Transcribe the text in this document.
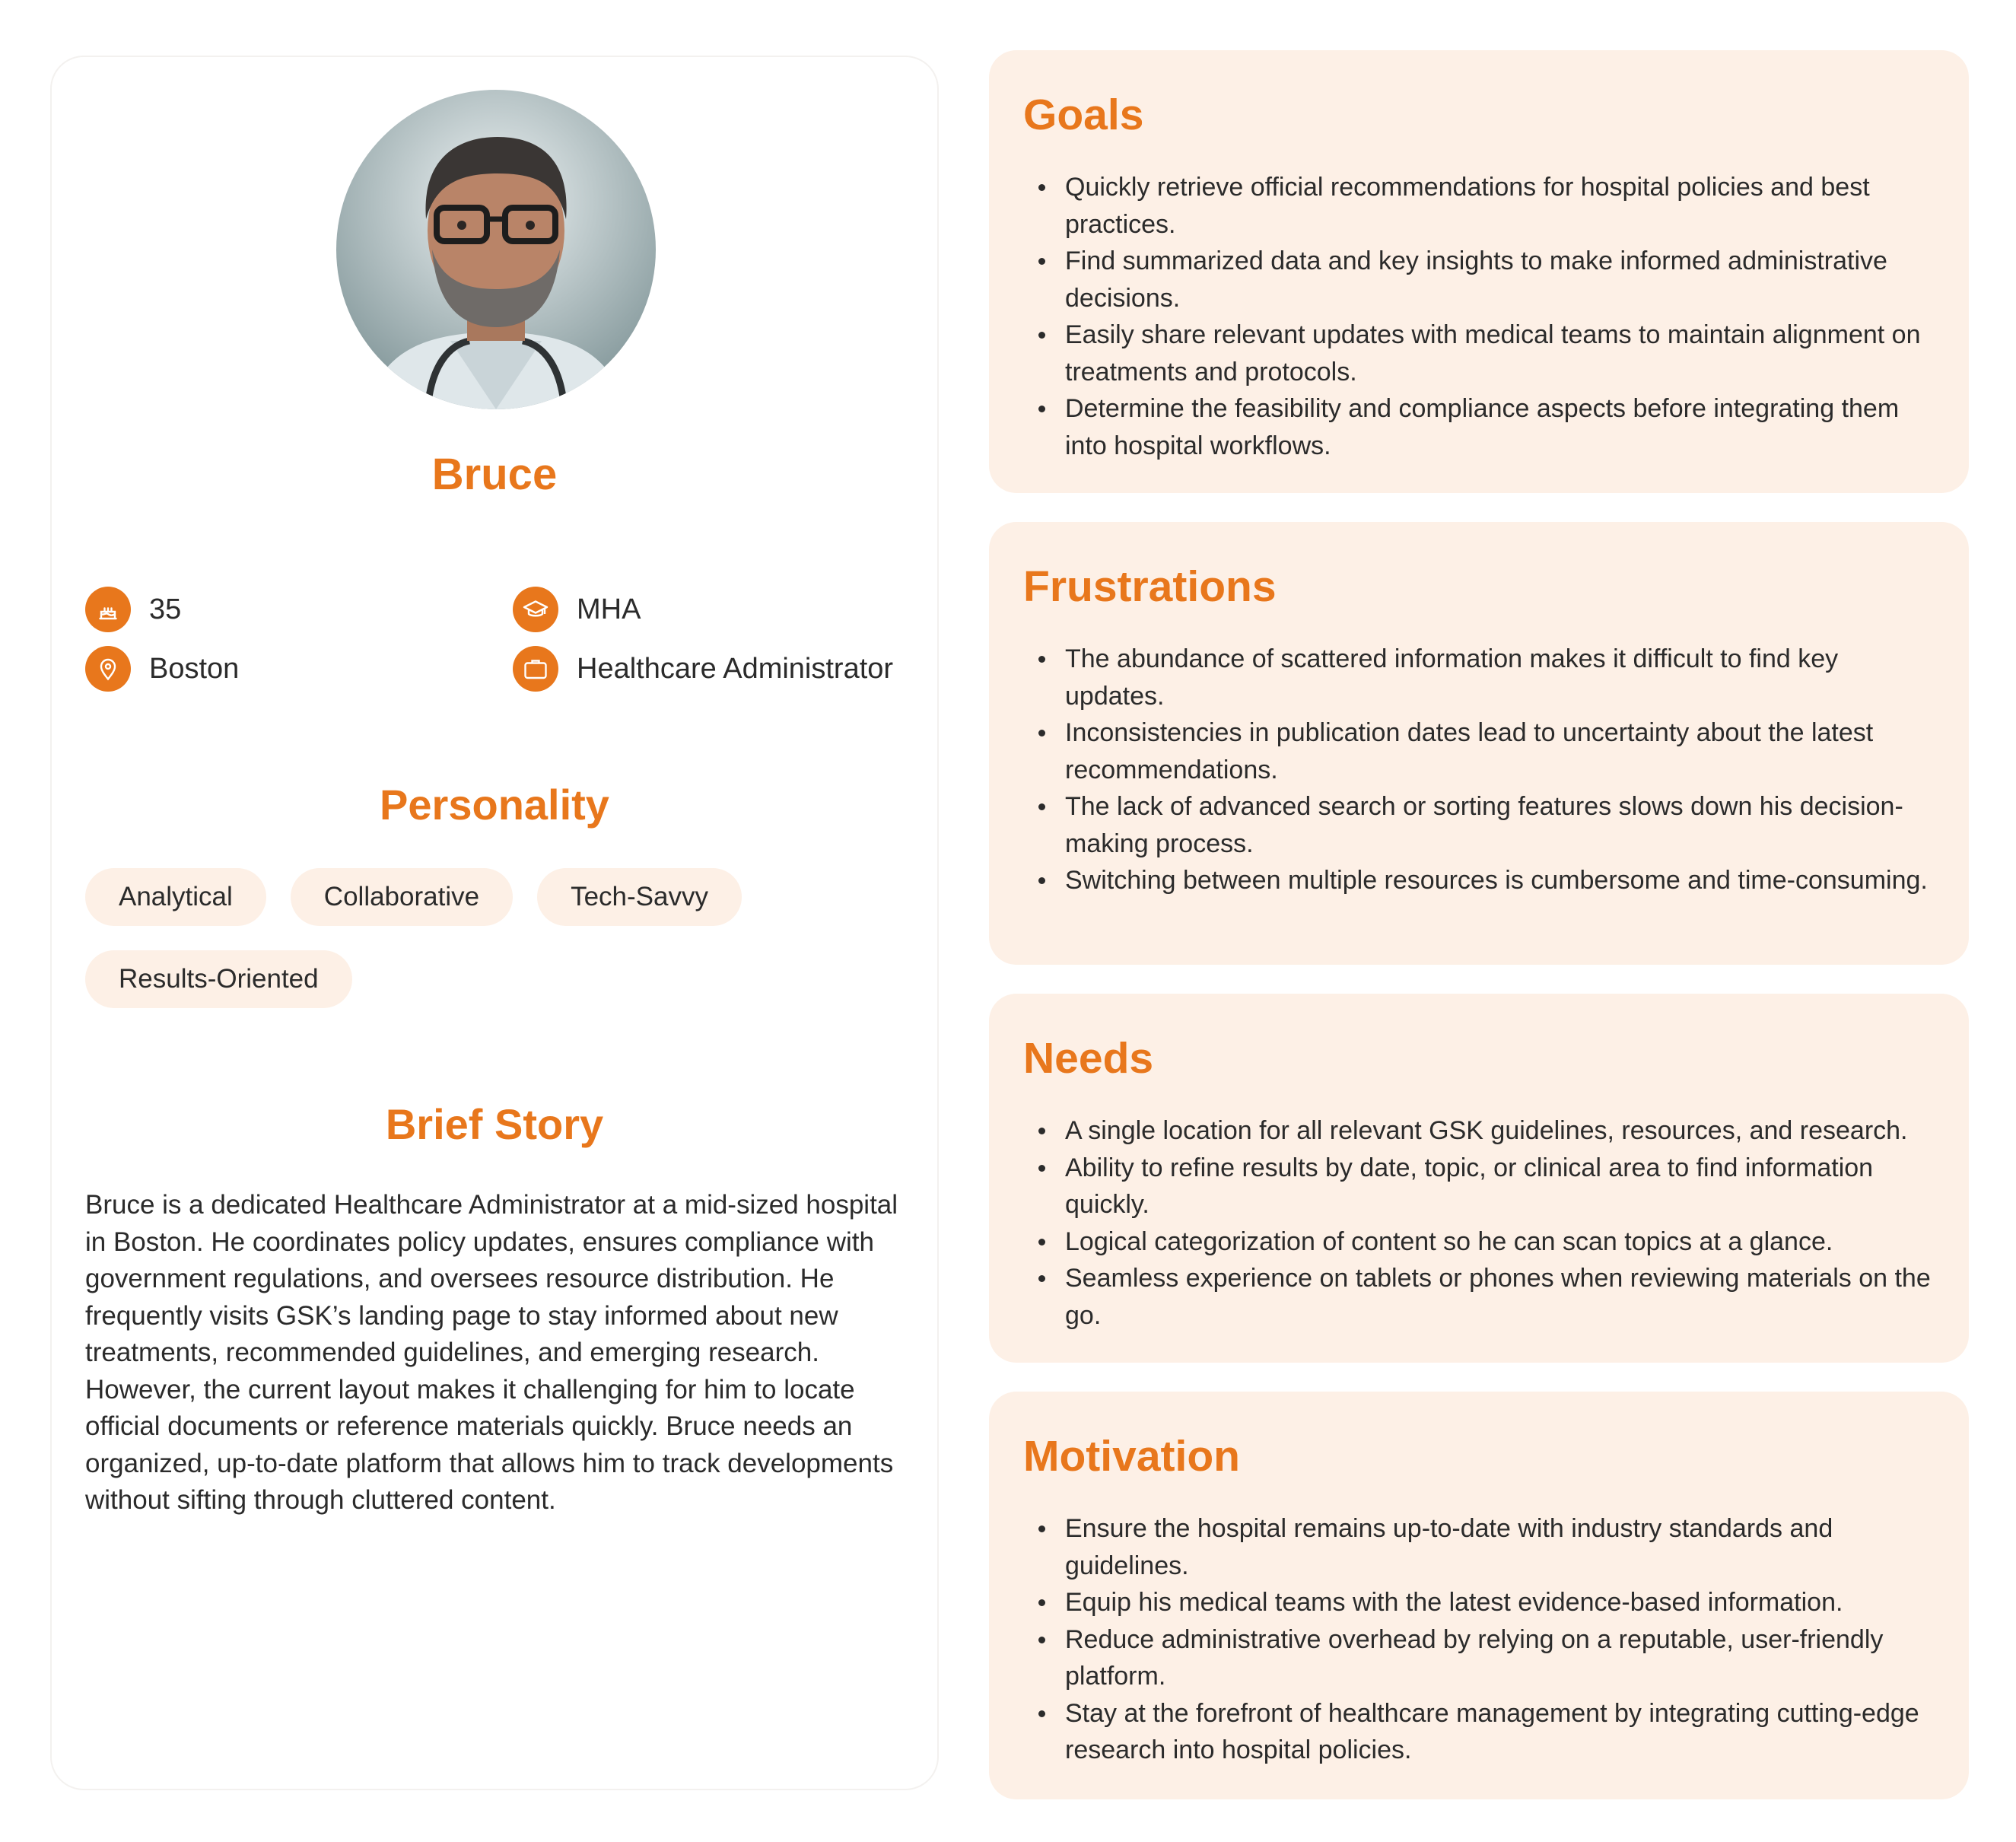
Bruce
35	MHA
Boston	Healthcare Administrator
Personality
Analytical	Collaborative	Tech-Savvy
Results-Oriented
Brief Story

Bruce is a dedicated Healthcare Administrator at a mid-sized hospital in Boston. He coordinates policy updates, ensures compliance with government regulations, and oversees resource distribution. He frequently visits GSK’s landing page to stay informed about new treatments, recommended guidelines, and emerging research. However, the current layout makes it challenging for him to locate official documents or reference materials quickly. Bruce needs an organized, up-to-date platform that allows him to track developments without sifting through cluttered content.

Goals
Quickly retrieve official recommendations for hospital policies and best practices.
Find summarized data and key insights to make informed administrative decisions.
Easily share relevant updates with medical teams to maintain alignment on treatments and protocols.
Determine the feasibility and compliance aspects before integrating them into hospital workflows.
Frustrations
The abundance of scattered information makes it difficult to find key updates.
Inconsistencies in publication dates lead to uncertainty about the latest recommendations.
The lack of advanced search or sorting features slows down his decision-making process.
Switching between multiple resources is cumbersome and time-consuming.
Needs
A single location for all relevant GSK guidelines, resources, and research.
Ability to refine results by date, topic, or clinical area to find information quickly.
Logical categorization of content so he can scan topics at a glance.
Seamless experience on tablets or phones when reviewing materials on the go.
Motivation
Ensure the hospital remains up-to-date with industry standards and guidelines.
Equip his medical teams with the latest evidence-based information.
Reduce administrative overhead by relying on a reputable, user-friendly platform.
Stay at the forefront of healthcare management by integrating cutting-edge research into hospital policies.
